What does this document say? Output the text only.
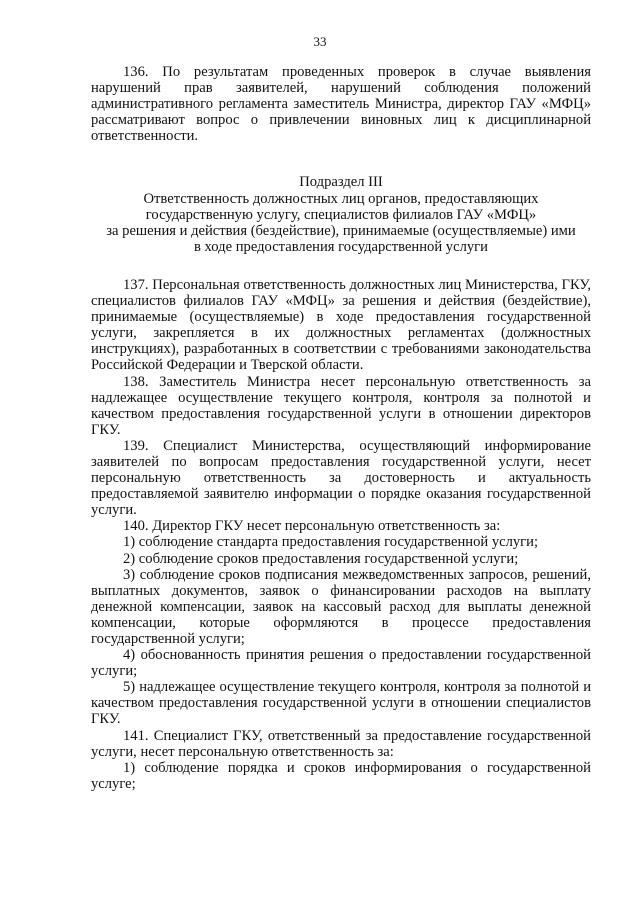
33

136. По результатам проведенных проверок в случае выявления нарушений прав заявителей, нарушений соблюдения положений административного регламента заместитель Министра, директор ГАУ «МФЦ» рассматривают вопрос о привлечении виновных лиц к дисциплинарной ответственности.

Подраздел III
Ответственность должностных лиц органов, предоставляющих
государственную услугу, специалистов филиалов ГАУ «МФЦ»
за решения и действия (бездействие), принимаемые (осуществляемые) ими
в ходе предоставления государственной услуги

137. Персональная ответственность должностных лиц Министерства, ГКУ, специалистов филиалов ГАУ «МФЦ» за решения и действия (бездействие), принимаемые (осуществляемые) в ходе предоставления государственной услуги, закрепляется в их должностных регламентах (должностных инструкциях), разработанных в соответствии с требованиями законодательства Российской Федерации и Тверской области.

138. Заместитель Министра несет персональную ответственность за надлежащее осуществление текущего контроля, контроля за полнотой и качеством предоставления государственной услуги в отношении директоров ГКУ.

139. Специалист Министерства, осуществляющий информирование заявителей по вопросам предоставления государственной услуги, несет персональную ответственность за достоверность и актуальность предоставляемой заявителю информации о порядке оказания государственной услуги.

140. Директор ГКУ несет персональную ответственность за:

1) соблюдение стандарта предоставления государственной услуги;

2) соблюдение сроков предоставления государственной услуги;

3) соблюдение сроков подписания межведомственных запросов, решений, выплатных документов, заявок о финансировании расходов на выплату денежной компенсации, заявок на кассовый расход для выплаты денежной компенсации, которые оформляются в процессе предоставления государственной услуги;

4) обоснованность принятия решения о предоставлении государственной услуги;

5) надлежащее осуществление текущего контроля, контроля за полнотой и качеством предоставления государственной услуги в отношении специалистов ГКУ.

141. Специалист ГКУ, ответственный за предоставление государственной услуги, несет персональную ответственность за:

1) соблюдение порядка и сроков информирования о государственной услуге;
